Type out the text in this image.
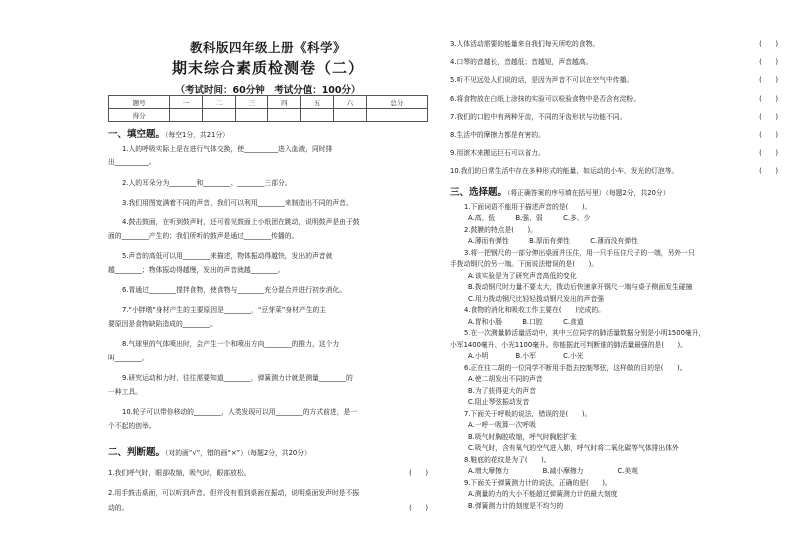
教科版四年级上册《科学》
期末综合素质检测卷（二）
（考试时间：60分钟　考试分值：100分）
题号	一	二	三	四	五	六	总分
得分							
一、填空题。（每空1分，共21分）
1.人的呼吸实际上是在进行气体交换，使__________进入血液，同时排
出__________。
2.人的耳朵分为________和________、________三部分。
3.我们用图宽满着不同的声音，我们可以利用________来制造出不同的声音。
4.鼓击鼓面，在听到鼓声时，还可看见鼓面上小纸团在跳动，说明鼓声是由于鼓
面的________产生的；我们所听的鼓声是通过________传播的。
5.声音的高低可以用________来描述，物体振动得越快，发出的声音就
越________；物体振动得越慢，发出的声音就越________。
6.胃通过________搅拌食物，使食物与________充分混合并进行初步消化。
7.“小胖墩”身材产生的主要原因是________，“豆芽菜”身材产生的主
要原因是食物缺陷造成的________。
8.气球里的气体喷出时，会产生一个和喷出方向________的推力，这个力
叫________。
9.研究运动和力时，往往需要知道________，弹簧测力计就是测量________的
一种工具。
10.轮子可以带你移动的________，人类发现可以用________的方式前进，是一
个不起的创举。
二、判断题。（对的画“√”，错的画“×”）（每题2分，共20分）
1.我们呼气时，眼部收缩，吸气时，眼部放松。	(　　)
2.用手鼓击桌面，可以听到声音。但并没有看到桌面在振动，说明桌面发声时是不振
动的。	(　　)
3.人体活动需要的能量来自我们每天所吃的食物。	(　　)
4.口琴的音越长，音越低；音越短，声音越高。	(　　)
5.听不见远处人们说的话，是因为声音不可以在空气中传播。	(　　)
6.将食物放在白纸上涂抹的实验可以检验食物中是否含有淀粉。	(　　)
7.我们的口腔中有两种牙齿，不同的牙齿形状与功能不同。	(　　)
8.生活中的摩擦力都是有害的。	(　　)
9.用滚木来搬运巨石可以省力。	(　　)
10.我们的日常生活中存在多种形式的能量，如运动的小车、发光的灯泡等。	(　　)
三、选择题。（将正确答案的序号填在括号里）（每题2分，共20分）
1.下面词语不能用于描述声音的是(　　)。
A.高、低　　　B.强、弱　　　C.多、少
2.鼓膜的特点是(　　)。
A.薄而有弹性　　　B.厚而有弹性　　　C.薄而没有弹性
3.将一把钢尺的一部分伸出桌面并压住，用一只手压住尺子的一端，另外一只
手拨动钢尺的另一端。下面说法错误的是(　　)。
A.该实验是为了研究声音高低的变化
B.拨动钢尺时力量不要太大，拨动后快速拿开钢尺一端与桌子侧面发生碰撞
C.用力拨动钢尺比轻轻拨动钢尺发出的声音强
4.食物的消化和吸收工作主要在(　　)完成的。
A.胃和小肠　　　B.口腔　　　C.食道
5.在一次测量肺活量活动中，其中三位同学的肺活量数据分别是小明1500毫升，
小军1400毫升、小光1100毫升。你能据此可判断谁的肺活量最强的是(　　)。
A.小明　　　　B.小军　　　　C.小光
6.正在往二胡的一位同学不断用手指去控制琴弦，这样做的目的是(　　)。
A.使二胡发出不同的声音
B.为了获得更大的声音
C.阻止琴弦振动发音
7.下面关于呼吸的说法，错误的是(　　)。
A.一呼一吸算一次呼吸
B.吸气时胸腔收缩，呼气时胸腔扩张
C.吸气时，含有氧气的空气进入肺，呼气时将二氧化碳等气体排出体外
8.鞋底的花纹是为了(　　)。
A.增大摩擦力　　　　　B.减小摩擦力　　　　　C.美观
9.下面关于弹簧测力计的说法，正确的是(　　)。
A.测量的力的大小不能超过弹簧测力计的最大刻度
B.弹簧测力计的刻度是不均匀的
